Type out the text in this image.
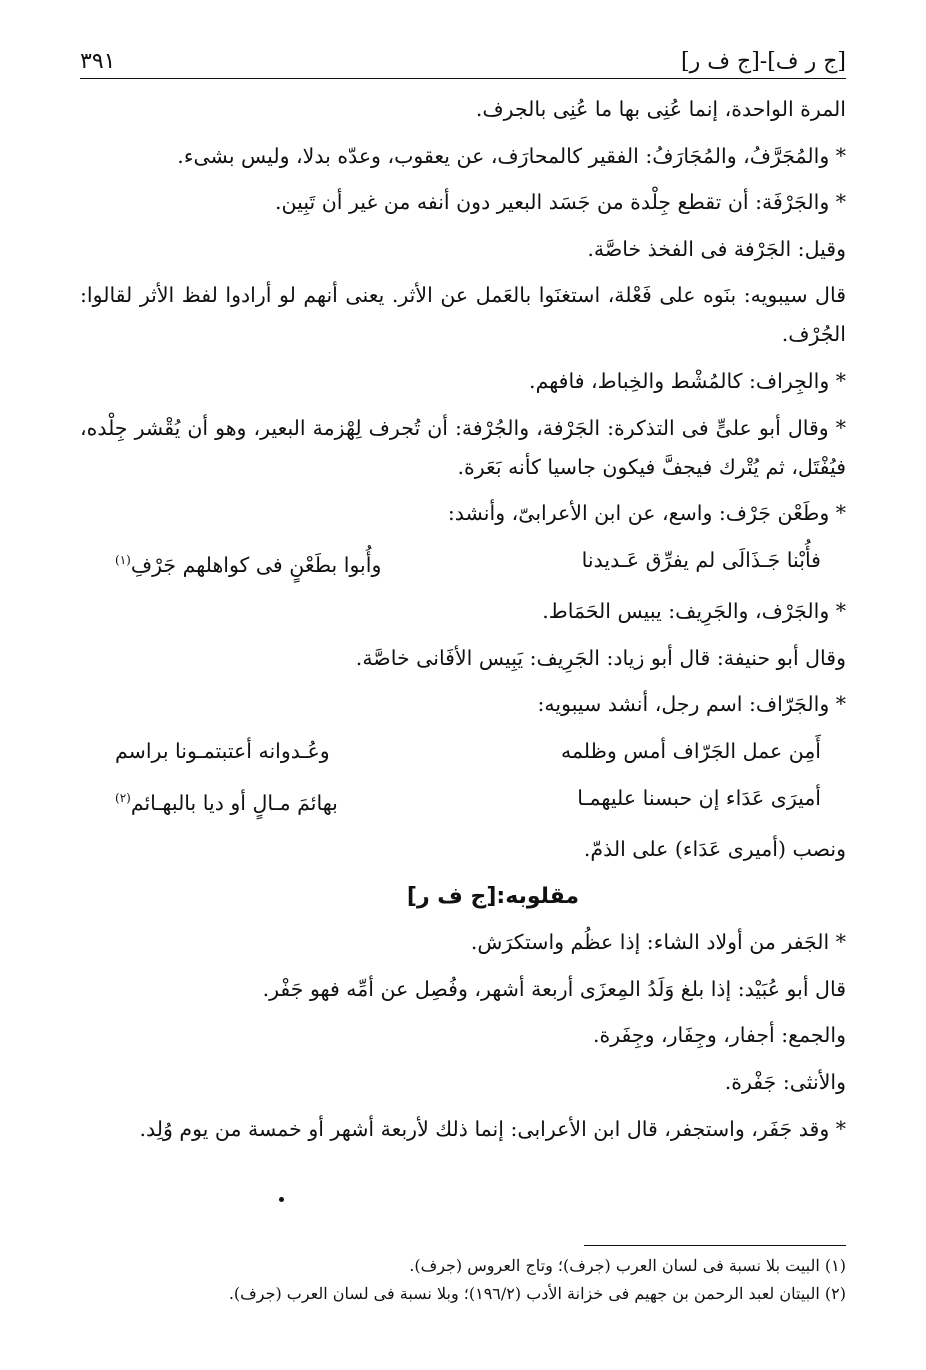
[ج ر ف]-[ج ف ر]
٣٩١

المرة الواحدة، إنما عُنِى بها ما عُنِى بالجرف.

* والمُجَرَّفُ، والمُجَارَفُ: الفقير كالمحارَف، عن يعقوب، وعدّه بدلا، وليس بشىء.

* والجَرْفَة: أن تقطع جِلْدة من جَسَد البعير دون أنفه من غير أن تَبِين.

وقيل: الجَرْفة فى الفخذ خاصَّة.

قال سيبويه: بنَوه على فَعْلة، استغنَوا بالعَمل عن الأثر. يعنى أنهم لو أرادوا لفظ الأثر لقالوا: الجُرْف.

* والجِراف: كالمُشْط والخِباط، فافهم.

* وقال أبو علىٍّ فى التذكرة: الجَرْفة، والجُرْفة: أن تُجرف لِهْزمة البعير، وهو أن يُقْشر جِلْده، فيُفْتَل، ثم يُتْرك فيجفَّ فيكون جاسيا كأنه بَعَرة.

* وطَعْن جَرْف: واسع، عن ابن الأعرابىّ، وأنشد:

فأُبْنا جَـذَالَى لم يفرِّق عَـديدنا
وأُبوا بطَعْنٍ فى كواهلهم جَرْفِ$^{(١)}$

* والجَرْف، والجَرِيف: يبيس الحَمَاط.

وقال أبو حنيفة: قال أبو زياد: الجَرِيف: يَبِيس الأفَانى خاصَّة.

* والجَرّاف: اسم رجل، أنشد سيبويه:

أَمِن عمل الجَرّاف أمس وظلمه
وعُـدوانه أعتبتمـونا براسم
أميرَى عَدَاء إن حبسنا عليهمـا
بهائمَ مـالٍ أو ديا بالبهـائم$^{(٢)}$

ونصب (أميرى عَدَاء) على الذمّ.

مقلوبه:[ج ف ر]

* الجَفر من أولاد الشاء: إذا عظُم واستكرَش.

قال أبو عُبَيْد: إذا بلغ وَلَدُ المِعزَى أربعة أشهر، وفُصِل عن أمِّه فهو جَفْر.

والجمع: أجفار، وجِفَار، وجِفَرة.

والأنثى: جَفْرة.

* وقد جَفَر، واستجفر، قال ابن الأعرابى: إنما ذلك لأربعة أشهر أو خمسة من يوم وُلِد.

(١) البيت بلا نسبة فى لسان العرب (جرف)؛ وتاج العروس (جرف).
(٢) البيتان لعبد الرحمن بن جهيم فى خزانة الأدب (١٩٦/٢)؛ وبلا نسبة فى لسان العرب (جرف).
